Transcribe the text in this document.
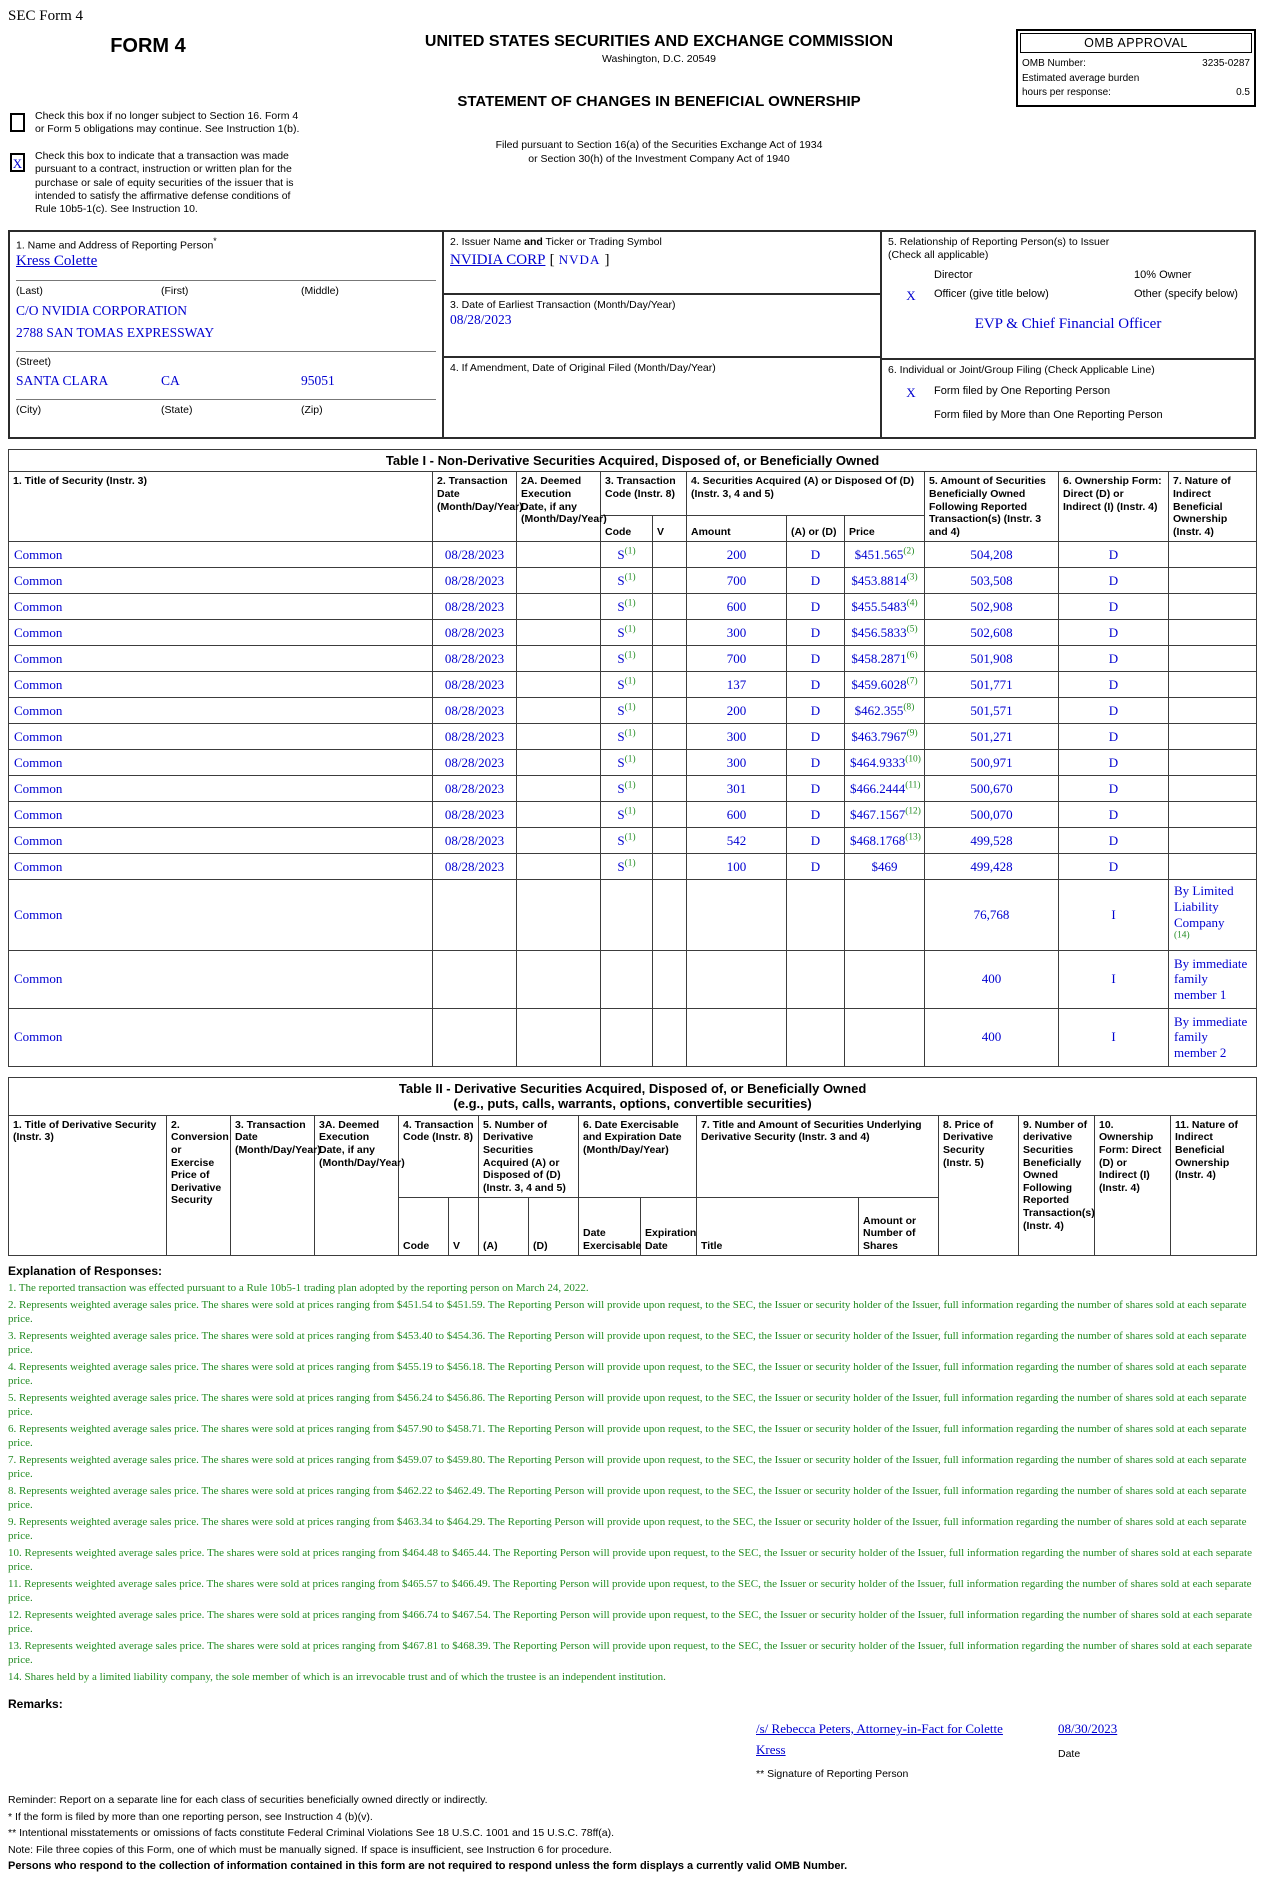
SEC Form 4
FORM 4
Check this box if no longer subject to Section 16. Form 4 or Form 5 obligations may continue. See Instruction 1(b).
X Check this box to indicate that a transaction was made pursuant to a contract, instruction or written plan for the purchase or sale of equity securities of the issuer that is intended to satisfy the affirmative defense conditions of Rule 10b5-1(c). See Instruction 10.
UNITED STATES SECURITIES AND EXCHANGE COMMISSION
Washington, D.C. 20549
STATEMENT OF CHANGES IN BENEFICIAL OWNERSHIP
Filed pursuant to Section 16(a) of the Securities Exchange Act of 1934
or Section 30(h) of the Investment Company Act of 1940
OMB APPROVAL
OMB Number:	3235-0287
Estimated average burden
hours per response:	0.5
1. Name and Address of Reporting Person*
Kress Colette
(Last)	(First)	(Middle)
C/O NVIDIA CORPORATION
2788 SAN TOMAS EXPRESSWAY
(Street)
SANTA CLARA	CA	95051
(City)	(State)	(Zip)
2. Issuer Name and Ticker or Trading Symbol
NVIDIA CORP [ NVDA ]
3. Date of Earliest Transaction (Month/Day/Year)
08/28/2023
4. If Amendment, Date of Original Filed (Month/Day/Year)
5. Relationship of Reporting Person(s) to Issuer
(Check all applicable)
Director	10% Owner
X	Officer (give title below)	Other (specify below)
EVP & Chief Financial Officer
6. Individual or Joint/Group Filing (Check Applicable Line)
X	Form filed by One Reporting Person
Form filed by More than One Reporting Person
Table I - Non-Derivative Securities Acquired, Disposed of, or Beneficially Owned										
1. Title of Security (Instr. 3)	2. Transaction Date (Month/Day/Year)	2A. Deemed Execution Date, if any (Month/Day/Year)	3. Transaction Code (Instr. 8)		4. Securities Acquired (A) or Disposed Of (D) (Instr. 3, 4 and 5)			5. Amount of Securities Beneficially Owned Following Reported Transaction(s) (Instr. 3 and 4)	6. Ownership Form: Direct (D) or Indirect (I) (Instr. 4)	7. Nature of Indirect Beneficial Ownership (Instr. 4)
			Code	V	Amount	(A) or (D)	Price			
Common	08/28/2023		S$^{(1)}$		200	D	$451.565$^{(2)}$	504,208	D	
Common	08/28/2023		S$^{(1)}$		700	D	$453.8814$^{(3)}$	503,508	D	
Common	08/28/2023		S$^{(1)}$		600	D	$455.5483$^{(4)}$	502,908	D	
Common	08/28/2023		S$^{(1)}$		300	D	$456.5833$^{(5)}$	502,608	D	
Common	08/28/2023		S$^{(1)}$		700	D	$458.2871$^{(6)}$	501,908	D	
Common	08/28/2023		S$^{(1)}$		137	D	$459.6028$^{(7)}$	501,771	D	
Common	08/28/2023		S$^{(1)}$		200	D	$462.355$^{(8)}$	501,571	D	
Common	08/28/2023		S$^{(1)}$		300	D	$463.7967$^{(9)}$	501,271	D	
Common	08/28/2023		S$^{(1)}$		300	D	$464.9333$^{(10)}$	500,971	D	
Common	08/28/2023		S$^{(1)}$		301	D	$466.2444$^{(11)}$	500,670	D	
Common	08/28/2023		S$^{(1)}$		600	D	$467.1567$^{(12)}$	500,070	D	
Common	08/28/2023		S$^{(1)}$		542	D	$468.1768$^{(13)}$	499,528	D	
Common	08/28/2023		S$^{(1)}$		100	D	$469	499,428	D	
Common								76,768	I	By Limited Liability Company$^{(14)}$
Common								400	I	By immediate family member 1
Common								400	I	By immediate family member 2
Table II - Derivative Securities Acquired, Disposed of, or Beneficially Owned
(e.g., puts, calls, warrants, options, convertible securities)															

1. Title of Derivative Security (Instr. 3)	2. Conversion or Exercise Price of Derivative Security	3. Transaction Date (Month/Day/Year)	3A. Deemed Execution Date, if any (Month/Day/Year)	4. Transaction Code (Instr. 8)		5. Number of Derivative Securities Acquired (A) or Disposed of (D) (Instr. 3, 4 and 5)		6. Date Exercisable and Expiration Date (Month/Day/Year)		7. Title and Amount of Securities Underlying Derivative Security (Instr. 3 and 4)		8. Price of Derivative Security (Instr. 5)	9. Number of derivative Securities Beneficially Owned Following Reported Transaction(s) (Instr. 4)	10. Ownership Form: Direct (D) or Indirect (I) (Instr. 4)	11. Nature of Indirect Beneficial Ownership (Instr. 4)
				Code	V	(A)	(D)	Date Exercisable	Expiration Date	Title	Amount or Number of Shares				
Explanation of Responses:
1. The reported transaction was effected pursuant to a Rule 10b5-1 trading plan adopted by the reporting person on March 24, 2022.
2. Represents weighted average sales price. The shares were sold at prices ranging from $451.54 to $451.59. The Reporting Person will provide upon request, to the SEC, the Issuer or security holder of the Issuer, full information regarding the number of shares sold at each separate price.
3. Represents weighted average sales price. The shares were sold at prices ranging from $453.40 to $454.36. The Reporting Person will provide upon request, to the SEC, the Issuer or security holder of the Issuer, full information regarding the number of shares sold at each separate price.
4. Represents weighted average sales price. The shares were sold at prices ranging from $455.19 to $456.18. The Reporting Person will provide upon request, to the SEC, the Issuer or security holder of the Issuer, full information regarding the number of shares sold at each separate price.
5. Represents weighted average sales price. The shares were sold at prices ranging from $456.24 to $456.86. The Reporting Person will provide upon request, to the SEC, the Issuer or security holder of the Issuer, full information regarding the number of shares sold at each separate price.
6. Represents weighted average sales price. The shares were sold at prices ranging from $457.90 to $458.71. The Reporting Person will provide upon request, to the SEC, the Issuer or security holder of the Issuer, full information regarding the number of shares sold at each separate price.
7. Represents weighted average sales price. The shares were sold at prices ranging from $459.07 to $459.80. The Reporting Person will provide upon request, to the SEC, the Issuer or security holder of the Issuer, full information regarding the number of shares sold at each separate price.
8. Represents weighted average sales price. The shares were sold at prices ranging from $462.22 to $462.49. The Reporting Person will provide upon request, to the SEC, the Issuer or security holder of the Issuer, full information regarding the number of shares sold at each separate price.
9. Represents weighted average sales price. The shares were sold at prices ranging from $463.34 to $464.29. The Reporting Person will provide upon request, to the SEC, the Issuer or security holder of the Issuer, full information regarding the number of shares sold at each separate price.
10. Represents weighted average sales price. The shares were sold at prices ranging from $464.48 to $465.44. The Reporting Person will provide upon request, to the SEC, the Issuer or security holder of the Issuer, full information regarding the number of shares sold at each separate price.
11. Represents weighted average sales price. The shares were sold at prices ranging from $465.57 to $466.49. The Reporting Person will provide upon request, to the SEC, the Issuer or security holder of the Issuer, full information regarding the number of shares sold at each separate price.
12. Represents weighted average sales price. The shares were sold at prices ranging from $466.74 to $467.54. The Reporting Person will provide upon request, to the SEC, the Issuer or security holder of the Issuer, full information regarding the number of shares sold at each separate price.
13. Represents weighted average sales price. The shares were sold at prices ranging from $467.81 to $468.39. The Reporting Person will provide upon request, to the SEC, the Issuer or security holder of the Issuer, full information regarding the number of shares sold at each separate price.
14. Shares held by a limited liability company, the sole member of which is an irrevocable trust and of which the trustee is an independent institution.
Remarks:
/s/ Rebecca Peters, Attorney-in-Fact for Colette Kress
** Signature of Reporting Person
08/30/2023
Date
Reminder: Report on a separate line for each class of securities beneficially owned directly or indirectly.
* If the form is filed by more than one reporting person, see Instruction 4 (b)(v).
** Intentional misstatements or omissions of facts constitute Federal Criminal Violations See 18 U.S.C. 1001 and 15 U.S.C. 78ff(a).
Note: File three copies of this Form, one of which must be manually signed. If space is insufficient, see Instruction 6 for procedure.
Persons who respond to the collection of information contained in this form are not required to respond unless the form displays a currently valid OMB Number.
